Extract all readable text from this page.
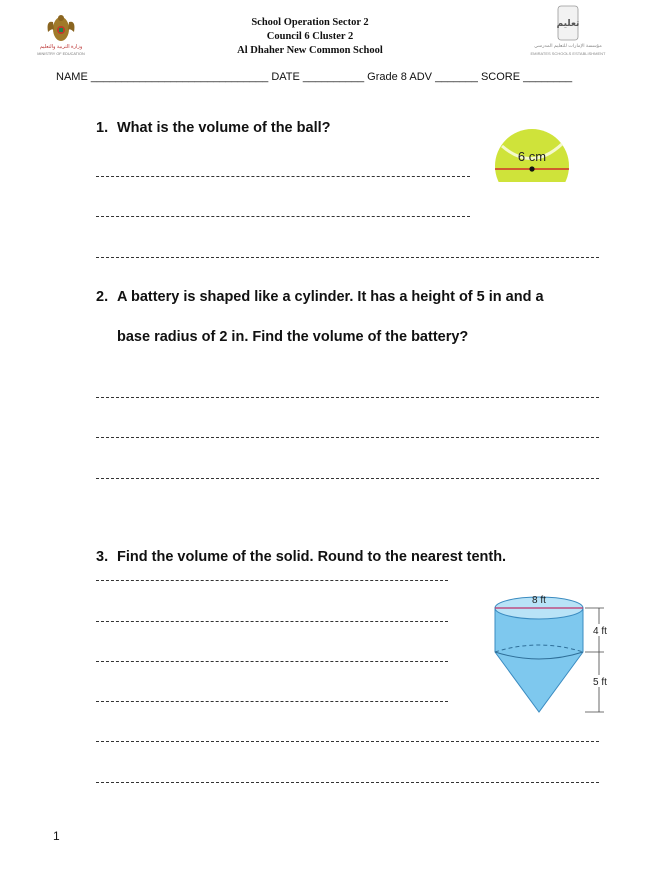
وزارة التربية والتعليم
MINISTRY OF EDUCATION
School Operation Sector 2
Council 6 Cluster 2
Al Dhaher New Common School
تعليم
مؤسسة الإمارات للتعليم المدرسي
EMIRATES SCHOOLS ESTABLISHMENT
NAME _____________________________ DATE __________ Grade 8 ADV _______ SCORE ________
1. What is the volume of the ball?
6 cm
2. A battery is shaped like a cylinder. It has a height of 5 in and a
base radius of 2 in. Find the volume of the battery?
3. Find the volume of the solid. Round to the nearest tenth.
8 ft
4 ft
5 ft
1
